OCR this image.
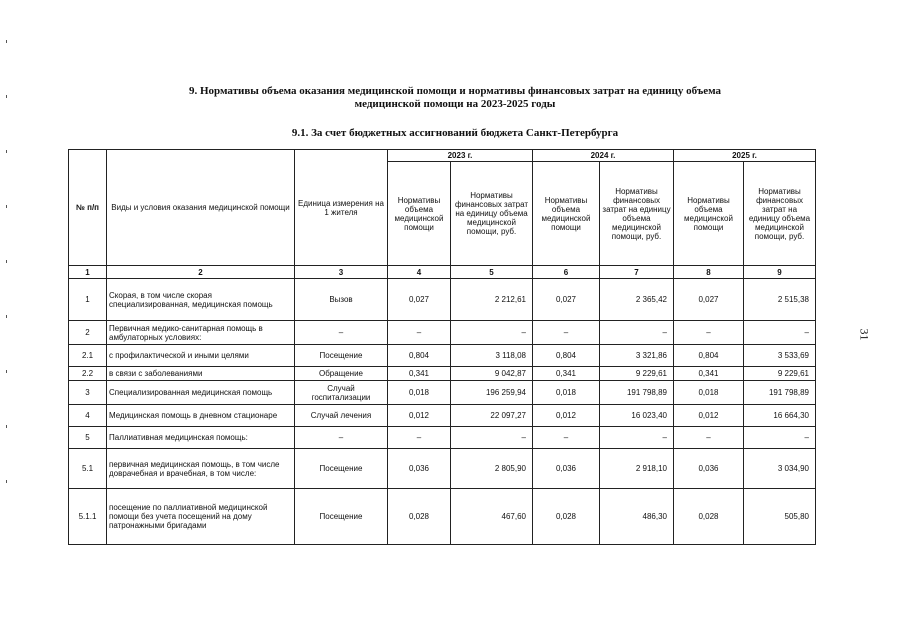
9. Нормативы объема оказания медицинской помощи и нормативы финансовых затрат на единицу объема
медицинской помощи на 2023-2025 годы
9.1. За счет бюджетных ассигнований бюджета Санкт-Петербурга
31
№ п/п	Виды и условия оказания медицинской помощи	Единица измерения на 1 жителя	2023 г.		2024 г.		2025 г.	
			Нормативы объема медицинской помощи	Нормативы финансовых затрат на единицу объема медицинской помощи, руб.	Нормативы объема медицинской помощи	Нормативы финансовых затрат на единицу объема медицинской помощи, руб.	Нормативы объема медицинской помощи	Нормативы финансовых затрат на единицу объема медицинской помощи, руб.
1	2	3	4	5	6	7	8	9
1	Скорая, в том числе скорая специализированная, медицинская помощь	Вызов	0,027	2 212,61	0,027	2 365,42	0,027	2 515,38
2	Первичная медико-санитарная помощь в амбулаторных условиях:	–	–	–	–	–	–	–
2.1	с профилактической и иными целями	Посещение	0,804	3 118,08	0,804	3 321,86	0,804	3 533,69
2.2	в связи с заболеваниями	Обращение	0,341	9 042,87	0,341	9 229,61	0,341	9 229,61
3	Специализированная медицинская помощь	Случай госпитализации	0,018	196 259,94	0,018	191 798,89	0,018	191 798,89
4	Медицинская помощь в дневном стационаре	Случай лечения	0,012	22 097,27	0,012	16 023,40	0,012	16 664,30
5	Паллиативная медицинская помощь:	–	–	–	–	–	–	–
5.1	первичная медицинская помощь, в том числе доврачебная и врачебная, в том числе:	Посещение	0,036	2 805,90	0,036	2 918,10	0,036	3 034,90
5.1.1	посещение по паллиативной медицинской помощи без учета посещений на дому патронажными бригадами	Посещение	0,028	467,60	0,028	486,30	0,028	505,80
